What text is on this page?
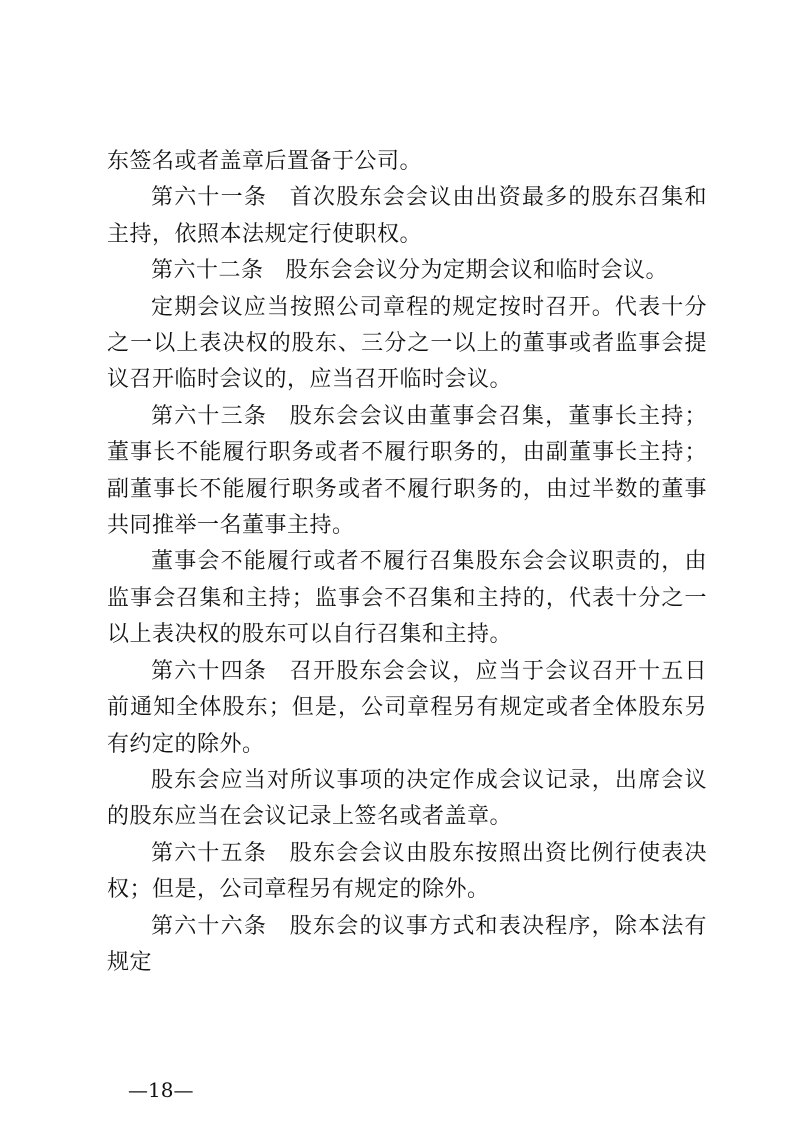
东签名或者盖章后置备于公司。

第六十一条 首次股东会会议由出资最多的股东召集和主持，依照本法规定行使职权。

第六十二条 股东会会议分为定期会议和临时会议。

定期会议应当按照公司章程的规定按时召开。代表十分之一以上表决权的股东、三分之一以上的董事或者监事会提议召开临时会议的，应当召开临时会议。

第六十三条 股东会会议由董事会召集，董事长主持；董事长不能履行职务或者不履行职务的，由副董事长主持；副董事长不能履行职务或者不履行职务的，由过半数的董事共同推举一名董事主持。

董事会不能履行或者不履行召集股东会会议职责的，由监事会召集和主持；监事会不召集和主持的，代表十分之一以上表决权的股东可以自行召集和主持。

第六十四条 召开股东会会议，应当于会议召开十五日前通知全体股东；但是，公司章程另有规定或者全体股东另有约定的除外。

股东会应当对所议事项的决定作成会议记录，出席会议的股东应当在会议记录上签名或者盖章。

第六十五条 股东会会议由股东按照出资比例行使表决权；但是，公司章程另有规定的除外。

第六十六条 股东会的议事方式和表决程序，除本法有规定

—18—
